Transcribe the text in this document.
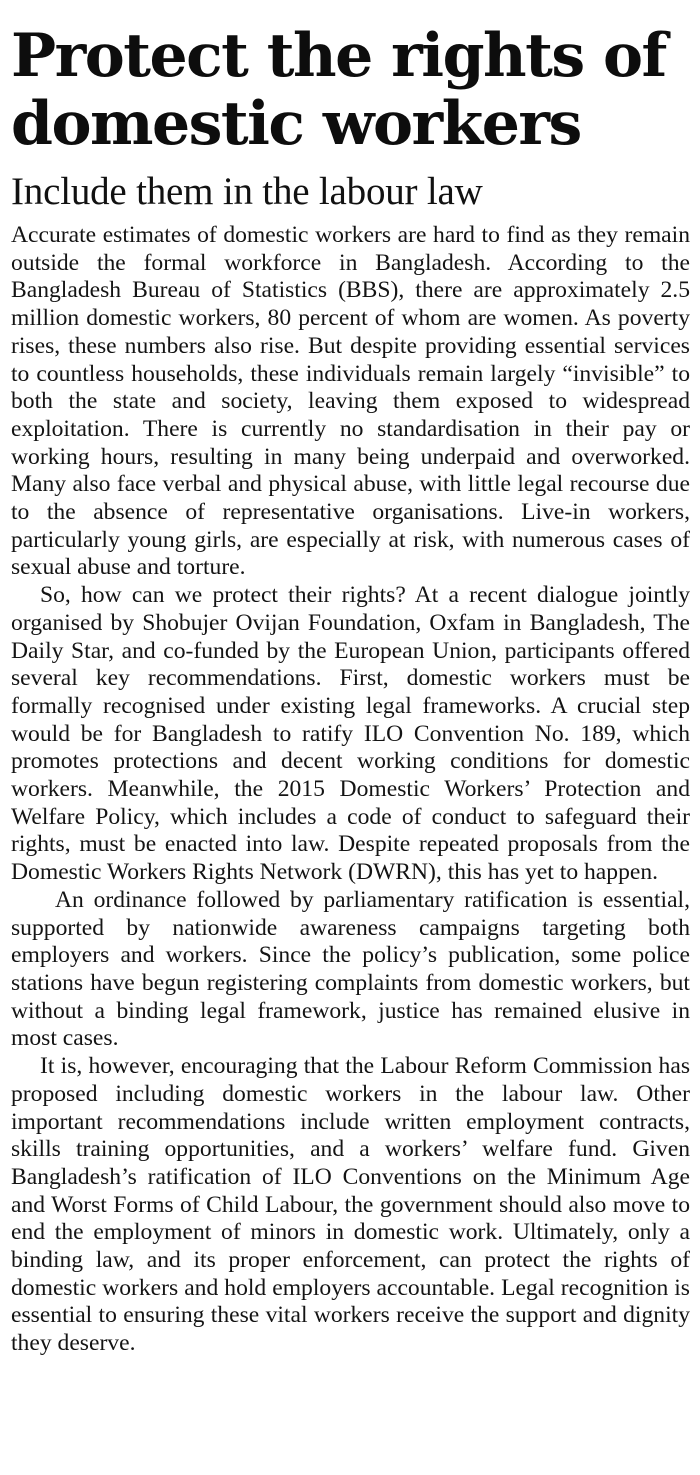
Protect the rights of domestic workers
Include them in the labour law

Accurate estimates of domestic workers are hard to find as they remain outside the formal workforce in Bangladesh. According to the Bangladesh Bureau of Statistics (BBS), there are approximately 2.5 million domestic workers, 80 percent of whom are women. As poverty rises, these numbers also rise. But despite providing essential services to countless households, these individuals remain largely “invisible” to both the state and society, leaving them exposed to widespread exploitation. There is currently no standardisation in their pay or working hours, resulting in many being underpaid and overworked. Many also face verbal and physical abuse, with little legal recourse due to the absence of representative organisations. Live-in workers, particularly young girls, are especially at risk, with numerous cases of sexual abuse and torture.

So, how can we protect their rights? At a recent dialogue jointly organised by Shobujer Ovijan Foundation, Oxfam in Bangladesh, The Daily Star, and co-funded by the European Union, participants offered several key recommendations. First, domestic workers must be formally recognised under existing legal frameworks. A crucial step would be for Bangladesh to ratify ILO Convention No. 189, which promotes protections and decent working conditions for domestic workers. Meanwhile, the 2015 Domestic Workers’ Protection and Welfare Policy, which includes a code of conduct to safeguard their rights, must be enacted into law. Despite repeated proposals from the Domestic Workers Rights Network (DWRN), this has yet to happen.

An ordinance followed by parliamentary ratification is essential, supported by nationwide awareness campaigns targeting both employers and workers. Since the policy’s publication, some police stations have begun registering complaints from domestic workers, but without a binding legal framework, justice has remained elusive in most cases.

It is, however, encouraging that the Labour Reform Commission has proposed including domestic workers in the labour law. Other important recommendations include written employment contracts, skills training opportunities, and a workers’ welfare fund. Given Bangladesh’s ratification of ILO Conventions on the Minimum Age and Worst Forms of Child Labour, the government should also move to end the employment of minors in domestic work. Ultimately, only a binding law, and its proper enforcement, can protect the rights of domestic workers and hold employers accountable. Legal recognition is essential to ensuring these vital workers receive the support and dignity they deserve.
